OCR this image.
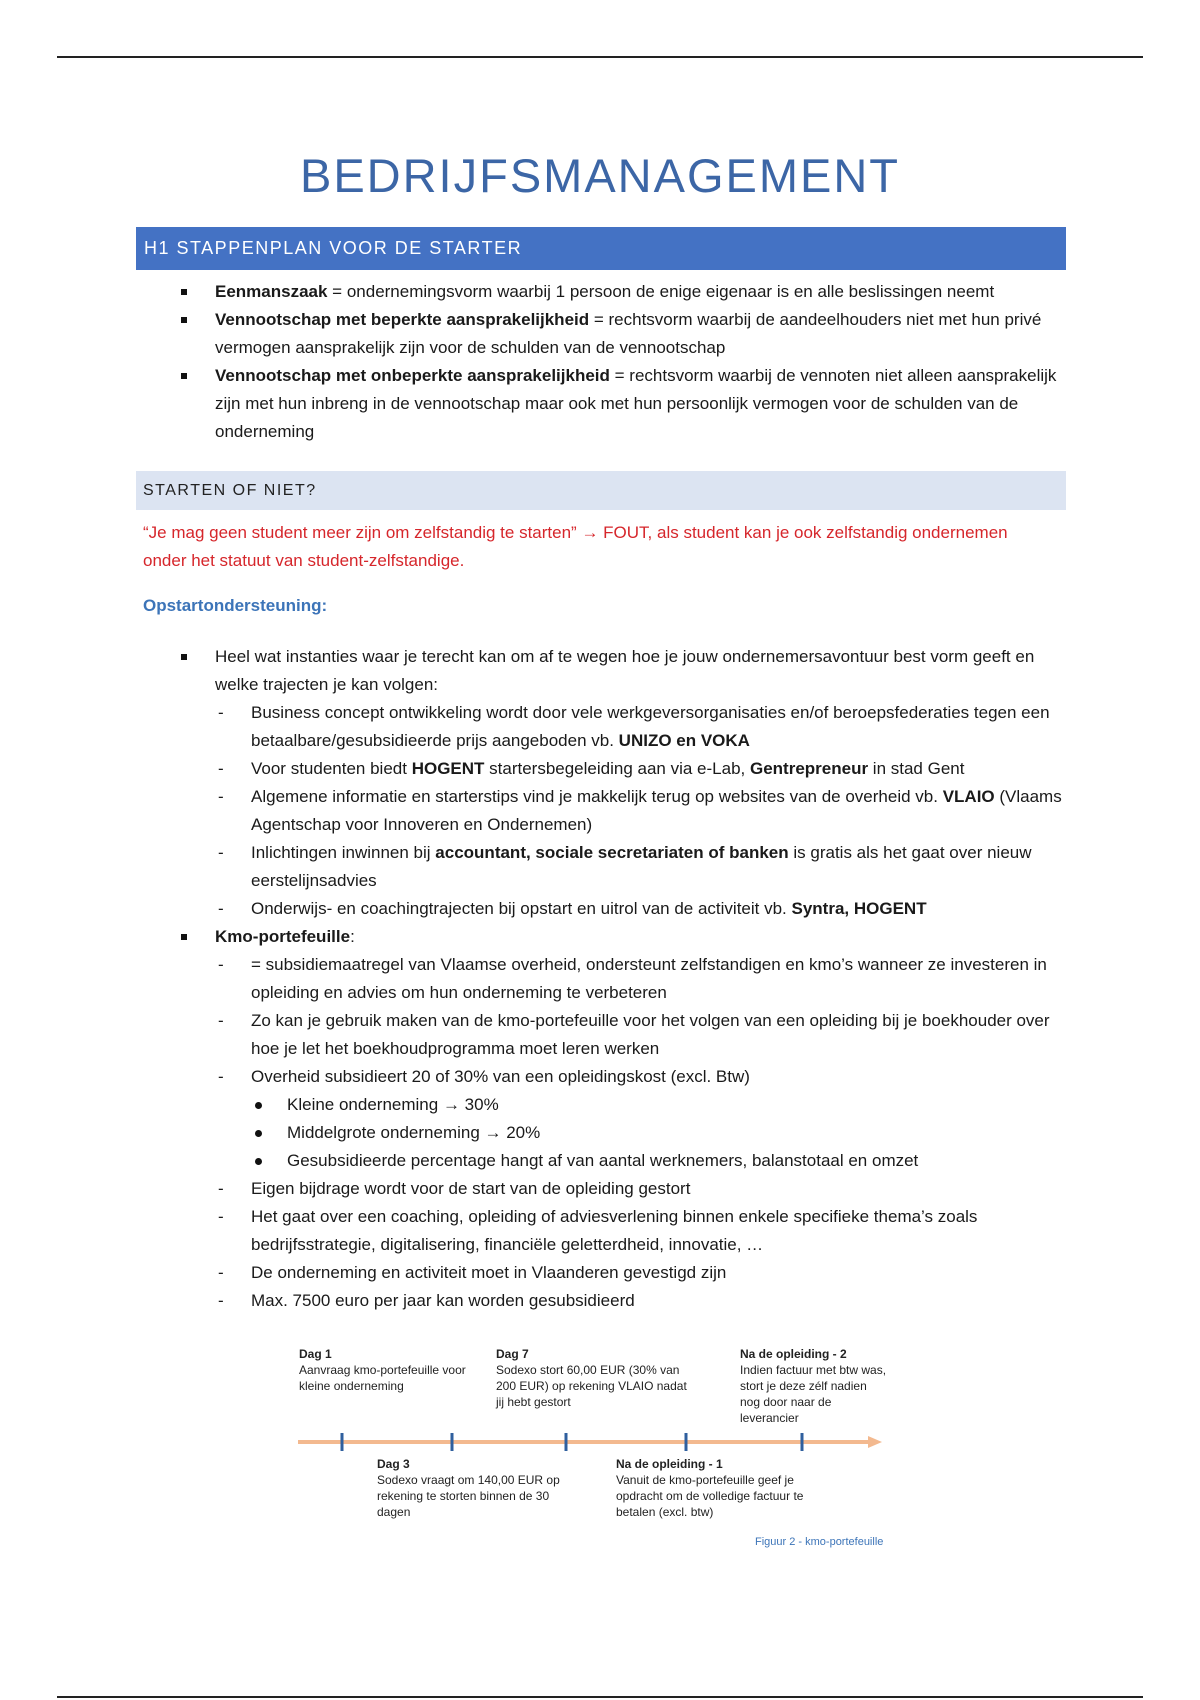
BEDRIJFSMANAGEMENT
H1 STAPPENPLAN VOOR DE STARTER
Eenmanszaak = ondernemingsvorm waarbij 1 persoon de enige eigenaar is en alle beslissingen neemt
Vennootschap met beperkte aansprakelijkheid = rechtsvorm waarbij de aandeelhouders niet met hun privé vermogen aansprakelijk zijn voor de schulden van de vennootschap
Vennootschap met onbeperkte aansprakelijkheid = rechtsvorm waarbij de vennoten niet alleen aansprakelijk zijn met hun inbreng in de vennootschap maar ook met hun persoonlijk vermogen voor de schulden van de onderneming
STARTEN OF NIET?
“Je mag geen student meer zijn om zelfstandig te starten” → FOUT, als student kan je ook zelfstandig ondernemen onder het statuut van student-zelfstandige.
Opstartondersteuning:
Heel wat instanties waar je terecht kan om af te wegen hoe je jouw ondernemersavontuur best vorm geeft en welke trajecten je kan volgen:
- Business concept ontwikkeling wordt door vele werkgeversorganisaties en/of beroepsfederaties tegen een betaalbare/gesubsidieerde prijs aangeboden vb. UNIZO en VOKA
- Voor studenten biedt HOGENT startersbegeleiding aan via e-Lab, Gentrepreneur in stad Gent
- Algemene informatie en starterstips vind je makkelijk terug op websites van de overheid vb. VLAIO (Vlaams Agentschap voor Innoveren en Ondernemen)
- Inlichtingen inwinnen bij accountant, sociale secretariaten of banken is gratis als het gaat over nieuw eerstelijnsadvies
- Onderwijs- en coachingtrajecten bij opstart en uitrol van de activiteit vb. Syntra, HOGENT
Kmo-portefeuille:
- = subsidiemaatregel van Vlaamse overheid, ondersteunt zelfstandigen en kmo’s wanneer ze investeren in opleiding en advies om hun onderneming te verbeteren
- Zo kan je gebruik maken van de kmo-portefeuille voor het volgen van een opleiding bij je boekhouder over hoe je let het boekhoudprogramma moet leren werken
- Overheid subsidieert 20 of 30% van een opleidingskost (excl. Btw)
Kleine onderneming → 30%
Middelgrote onderneming → 20%
Gesubsidieerde percentage hangt af van aantal werknemers, balanstotaal en omzet
- Eigen bijdrage wordt voor de start van de opleiding gestort
- Het gaat over een coaching, opleiding of adviesverlening binnen enkele specifieke thema’s zoals bedrijfsstrategie, digitalisering, financiële geletterdheid, innovatie, …
- De onderneming en activiteit moet in Vlaanderen gevestigd zijn
- Max. 7500 euro per jaar kan worden gesubsidieerd
Dag 1
Aanvraag kmo-portefeuille voor kleine onderneming
Dag 3
Sodexo vraagt om 140,00 EUR op rekening te storten binnen de 30 dagen
Dag 7
Sodexo stort 60,00 EUR (30% van 200 EUR) op rekening VLAIO nadat jij hebt gestort
Na de opleiding - 1
Vanuit de kmo-portefeuille geef je opdracht om de volledige factuur te betalen (excl. btw)
Na de opleiding - 2
Indien factuur met btw was, stort je deze zélf nadien nog door naar de leverancier
Figuur 2 - kmo-portefeuille
